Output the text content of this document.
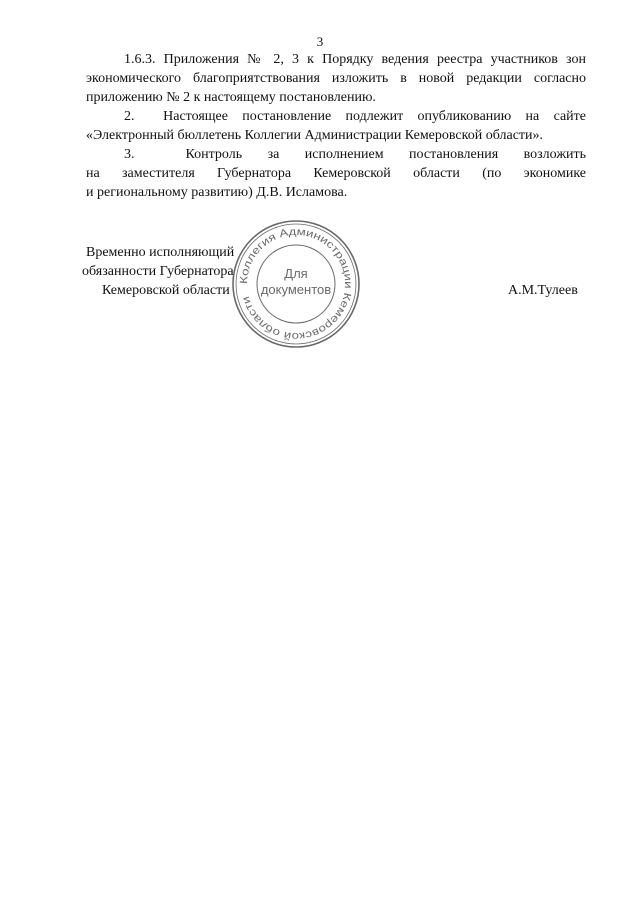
3

1.6.3. Приложения № 2, 3 к Порядку ведения реестра участников зон экономического благоприятствования изложить в новой редакции согласно приложению № 2 к настоящему постановлению.

2.  Настоящее постановление подлежит опубликованию на сайте «Электронный бюллетень Коллегии Администрации Кемеровской области».

3.  Контроль за исполнением постановления возложить
на заместителя Губернатора Кемеровской области (по экономике
и региональному развитию) Д.В. Исламова.
Временно исполняющий
обязанности Губернатора
Кемеровской области	А.М.Тулеев
Коллегия Администрации Кемеровской области
Для
документов
